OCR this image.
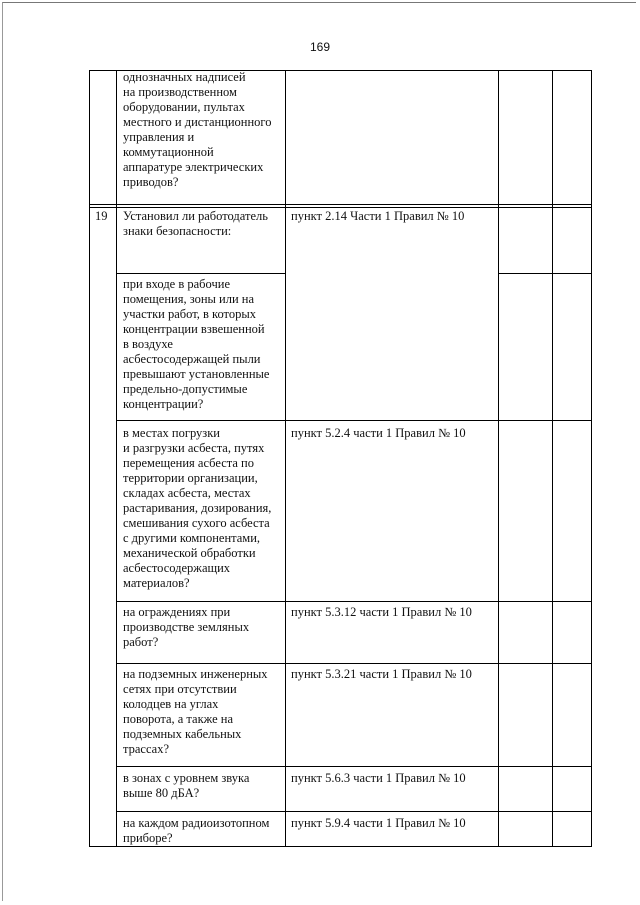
169
однозначных надписей
на производственном
оборудовании, пультах
местного и дистанционного
управления и
коммутационной
аппаратуре электрических
приводов?
19	Установил ли работодатель
знаки безопасности:
пункт 2.14 Части 1 Правил № 10
при входе в рабочие
помещения, зоны или на
участки работ, в которых
концентрации взвешенной
в воздухе
асбестосодержащей пыли
превышают установленные
предельно-допустимые
концентрации?
в местах погрузки
и разгрузки асбеста, путях
перемещения асбеста по
территории организации,
складах асбеста, местах
растаривания, дозирования,
смешивания сухого асбеста
с другими компонентами,
механической обработки
асбестосодержащих
материалов?
пункт 5.2.4 части 1 Правил № 10
на ограждениях при
производстве земляных
работ?
пункт 5.3.12 части 1 Правил № 10
на подземных инженерных
сетях при отсутствии
колодцев на углах
поворота, а также на
подземных кабельных
трассах?
пункт 5.3.21 части 1 Правил № 10
в зонах с уровнем звука
выше 80 дБА?
пункт 5.6.3 части 1 Правил № 10
на каждом радиоизотопном
приборе?
пункт 5.9.4 части 1 Правил № 10
